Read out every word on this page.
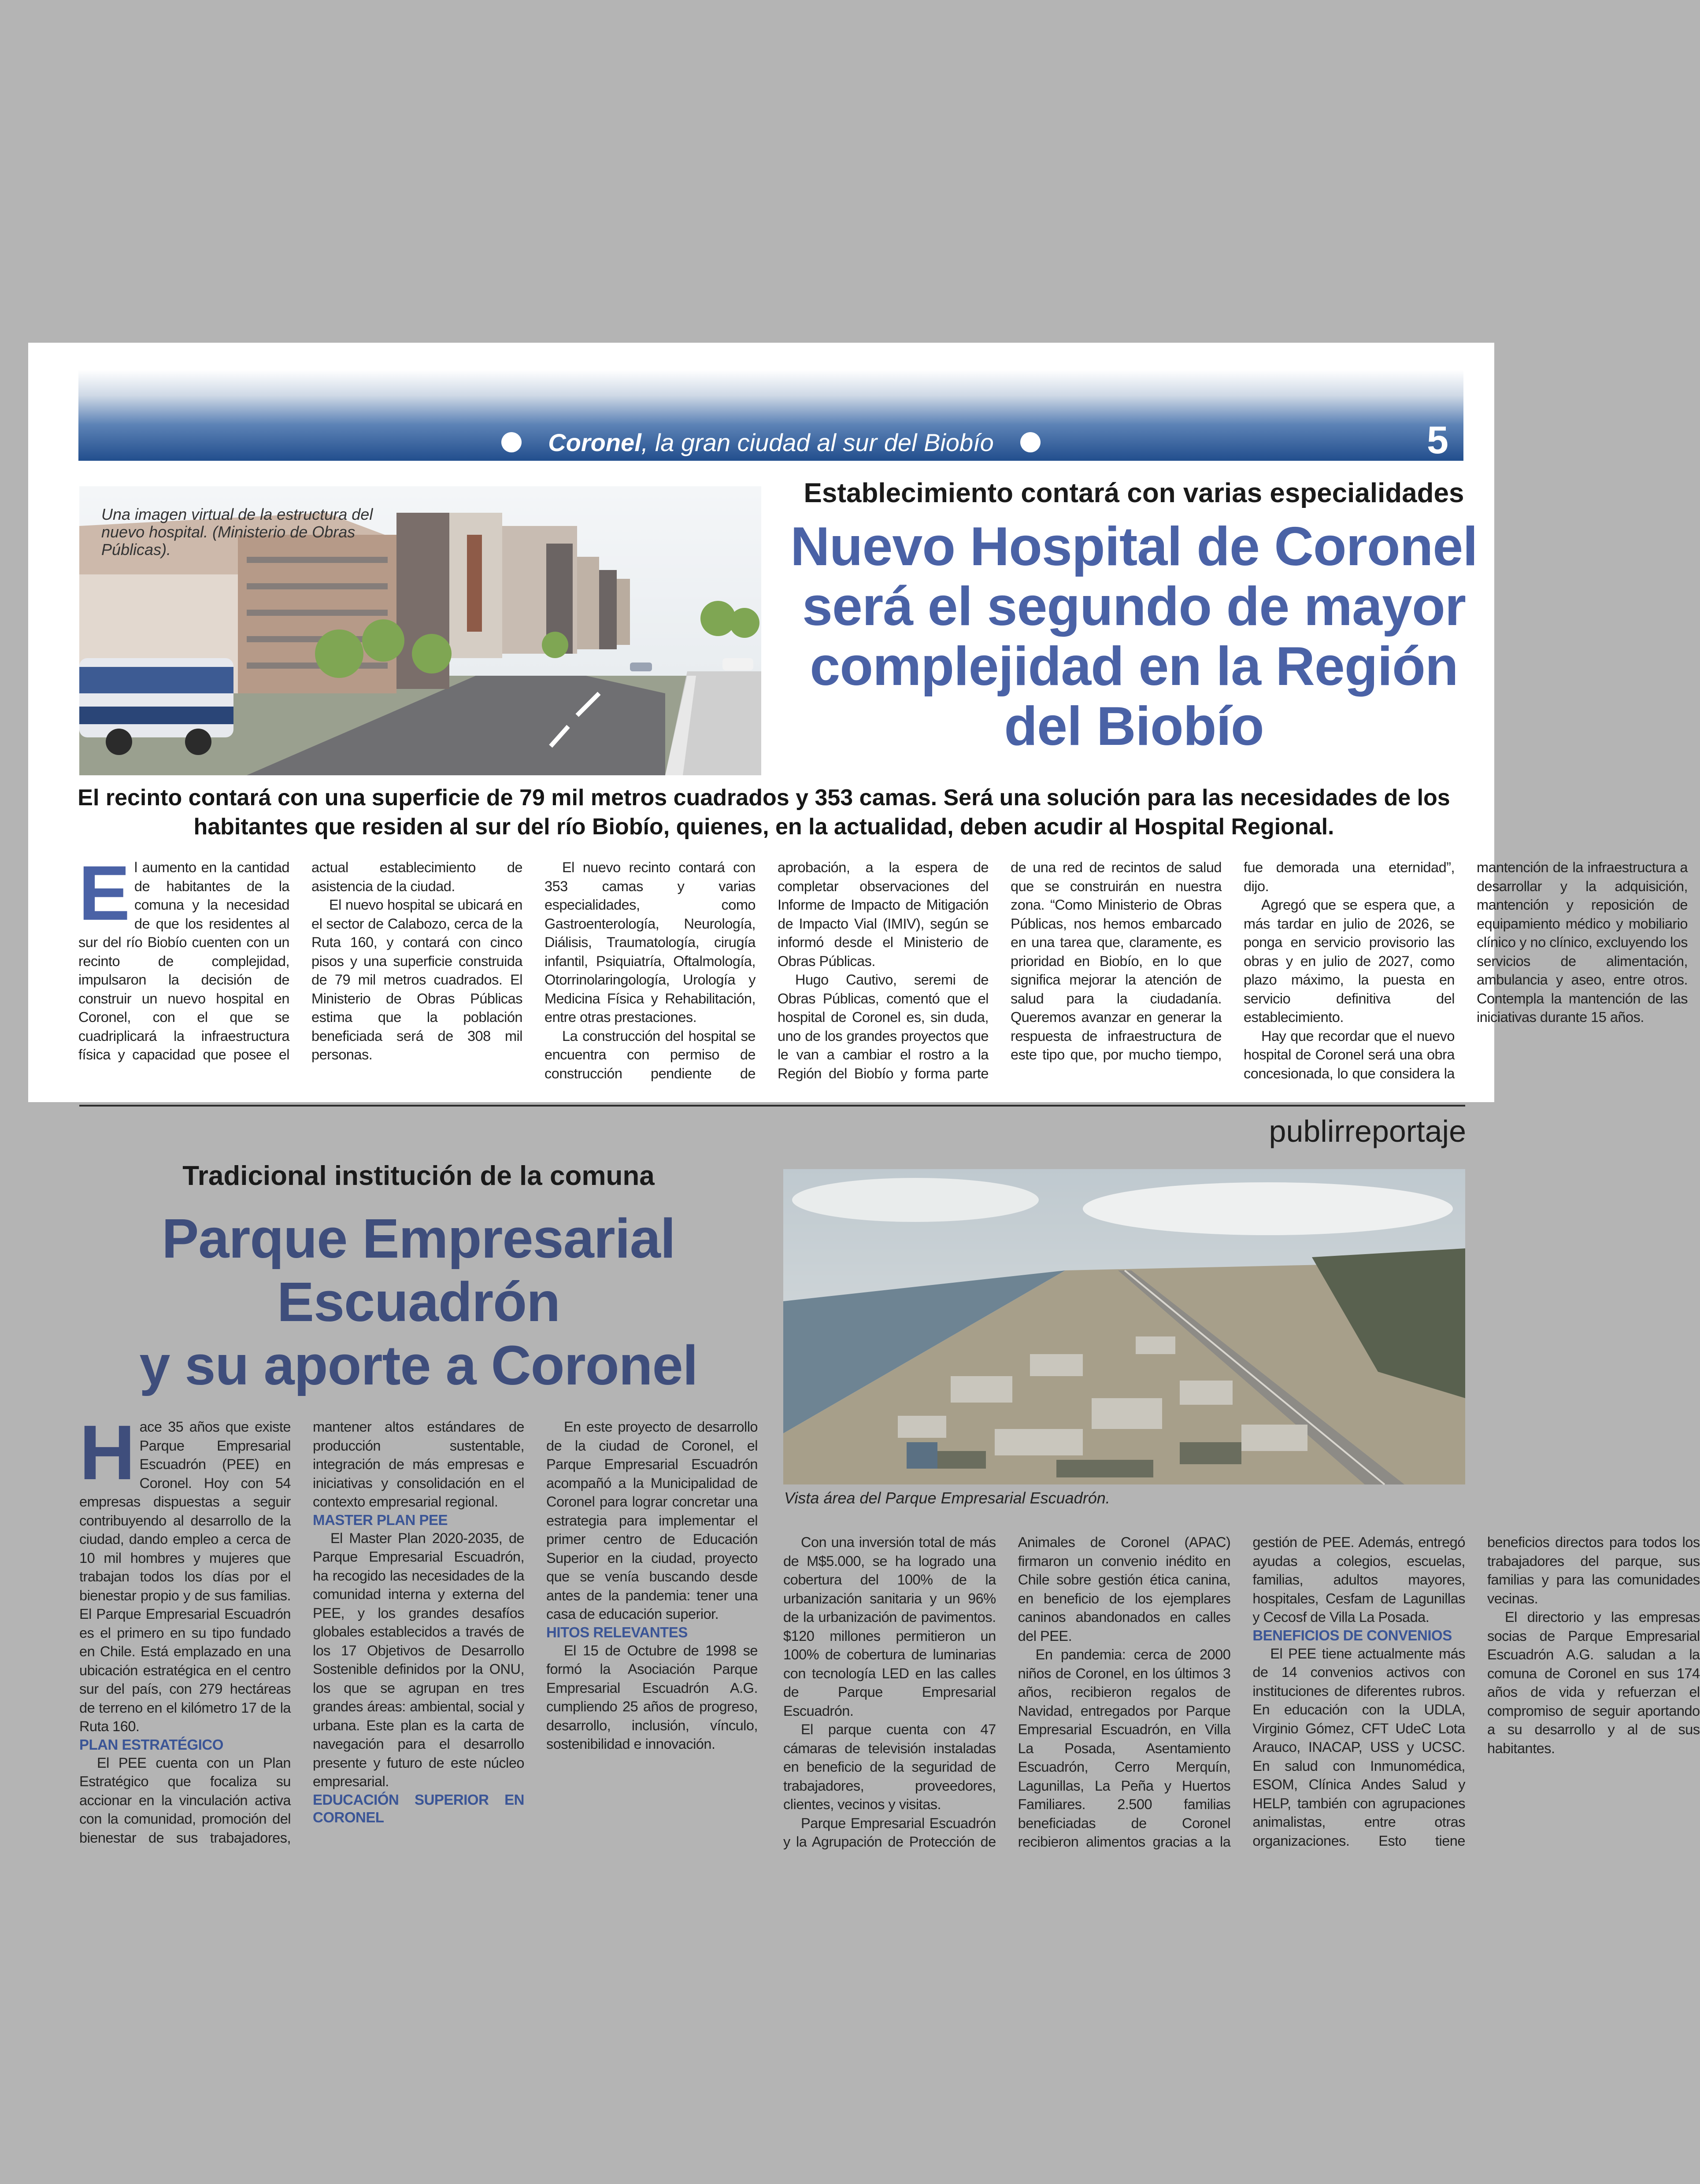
Coronel, la gran ciudad al sur del Biobío	5
Una imagen virtual de la estructura del nuevo hospital. (Ministerio de Obras Públicas).
Establecimiento contará con varias especialidades
Nuevo Hospital de Coronel será el segundo de mayor complejidad en la Región del Biobío
El recinto contará con una superficie de 79 mil metros cuadrados y 353 camas. Será una solución para las necesidades de los habitantes que residen al sur del río Biobío, quienes, en la actualidad, deben acudir al Hospital Regional.

El aumento en la cantidad de habitantes de la comuna y la necesidad de que los residentes al sur del río Biobío cuenten con un recinto de complejidad, impulsaron la decisión de construir un nuevo hospital en Coronel, con el que se cuadriplicará la infraestructura física y capacidad que posee el actual establecimiento de asistencia de la ciudad.

El nuevo hospital se ubicará en el sector de Calabozo, cerca de la Ruta 160, y contará con cinco pisos y una superficie construida de 79 mil metros cuadrados. El Ministerio de Obras Públicas estima que la población beneficiada será de 308 mil personas.

El nuevo recinto contará con 353 camas y varias especialidades, como Gastroenterología, Neurología, Diálisis, Traumatología, cirugía infantil, Psiquiatría, Oftalmología, Otorrinolaringología, Urología y Medicina Física y Rehabilitación, entre otras prestaciones.

La construcción del hospital se encuentra con permiso de construcción pendiente de aprobación, a la espera de completar observaciones del Informe de Impacto de Mitigación de Impacto Vial (IMIV), según se informó desde el Ministerio de Obras Públicas.

Hugo Cautivo, seremi de Obras Públicas, comentó que el hospital de Coronel es, sin duda, uno de los grandes proyectos que le van a cambiar el rostro a la Región del Biobío y forma parte de una red de recintos de salud que se construirán en nuestra zona. “Como Ministerio de Obras Públicas, nos hemos embarcado en una tarea que, claramente, es prioridad en Biobío, en lo que significa mejorar la atención de salud para la ciudadanía. Queremos avanzar en generar la respuesta de infraestructura de este tipo que, por mucho tiempo, fue demorada una eternidad”, dijo.

Agregó que se espera que, a más tardar en julio de 2026, se ponga en servicio provisorio las obras y en julio de 2027, como plazo máximo, la puesta en servicio definitiva del establecimiento.

Hay que recordar que el nuevo hospital de Coronel será una obra concesionada, lo que considera la mantención de la infraestructura a desarrollar y la adquisición, mantención y reposición de equipamiento médico y mobiliario clínico y no clínico, excluyendo los servicios de alimentación, ambulancia y aseo, entre otros. Contempla la mantención de las iniciativas durante 15 años.

publirreportaje
Tradicional institución de la comuna
Parque Empresarial
Escuadrón
y su aporte a Coronel
Vista área del Parque Empresarial Escuadrón.

Hace 35 años que existe Parque Empresarial Escuadrón (PEE) en Coronel. Hoy con 54 empresas dispuestas a seguir contribuyendo al desarrollo de la ciudad, dando empleo a cerca de 10 mil hombres y mujeres que trabajan todos los días por el bienestar propio y de sus familias. El Parque Empresarial Escuadrón es el primero en su tipo fundado en Chile. Está emplazado en una ubicación estratégica en el centro sur del país, con 279 hectáreas de terreno en el kilómetro 17 de la Ruta 160.

PLAN ESTRATÉGICO

El PEE cuenta con un Plan Estratégico que focaliza su accionar en la vinculación activa con la comunidad, promoción del bienestar de sus trabajadores, mantener altos estándares de producción sustentable, integración de más empresas e iniciativas y consolidación en el contexto empresarial regional.

MASTER PLAN PEE

El Master Plan 2020-2035, de Parque Empresarial Escuadrón, ha recogido las necesidades de la comunidad interna y externa del PEE, y los grandes desafíos globales establecidos a través de los 17 Objetivos de Desarrollo Sostenible definidos por la ONU, los que se agrupan en tres grandes áreas: ambiental, social y urbana. Este plan es la carta de navegación para el desarrollo presente y futuro de este núcleo empresarial.

EDUCACIÓN SUPERIOR EN CORONEL

En este proyecto de desarrollo de la ciudad de Coronel, el Parque Empresarial Escuadrón acompañó a la Municipalidad de Coronel para lograr concretar una estrategia para implementar el primer centro de Educación Superior en la ciudad, proyecto que se venía buscando desde antes de la pandemia: tener una casa de educación superior.

HITOS RELEVANTES

El 15 de Octubre de 1998 se formó la Asociación Parque Empresarial Escuadrón A.G. cumpliendo 25 años de progreso, desarrollo, inclusión, vínculo, sostenibilidad e innovación.

Con una inversión total de más de M$5.000, se ha logrado una cobertura del 100% de la urbanización sanitaria y un 96% de la urbanización de pavimentos. $120 millones permitieron un 100% de cobertura de luminarias con tecnología LED en las calles de Parque Empresarial Escuadrón.

El parque cuenta con 47 cámaras de televisión instaladas en beneficio de la seguridad de trabajadores, proveedores, clientes, vecinos y visitas.

Parque Empresarial Escuadrón y la Agrupación de Protección de Animales de Coronel (APAC) firmaron un convenio inédito en Chile sobre gestión ética canina, en beneficio de los ejemplares caninos abandonados en calles del PEE.

En pandemia: cerca de 2000 niños de Coronel, en los últimos 3 años, recibieron regalos de Navidad, entregados por Parque Empresarial Escuadrón, en Villa La Posada, Asentamiento Escuadrón, Cerro Merquín, Lagunillas, La Peña y Huertos Familiares. 2.500 familias beneficiadas de Coronel recibieron alimentos gracias a la gestión de PEE. Además, entregó ayudas a colegios, escuelas, familias, adultos mayores, hospitales, Cesfam de Lagunillas y Cecosf de Villa La Posada.

BENEFICIOS DE CONVENIOS

El PEE tiene actualmente más de 14 convenios activos con instituciones de diferentes rubros. En educación con la UDLA, Virginio Gómez, CFT UdeC Lota Arauco, INACAP, USS y UCSC. En salud con Inmunomédica, ESOM, Clínica Andes Salud y HELP, también con agrupaciones animalistas, entre otras organizaciones. Esto tiene beneficios directos para todos los trabajadores del parque, sus familias y para las comunidades vecinas.

El directorio y las empresas socias de Parque Empresarial Escuadrón A.G. saludan a la comuna de Coronel en sus 174 años de vida y refuerzan el compromiso de seguir aportando a su desarrollo y al de sus habitantes.
